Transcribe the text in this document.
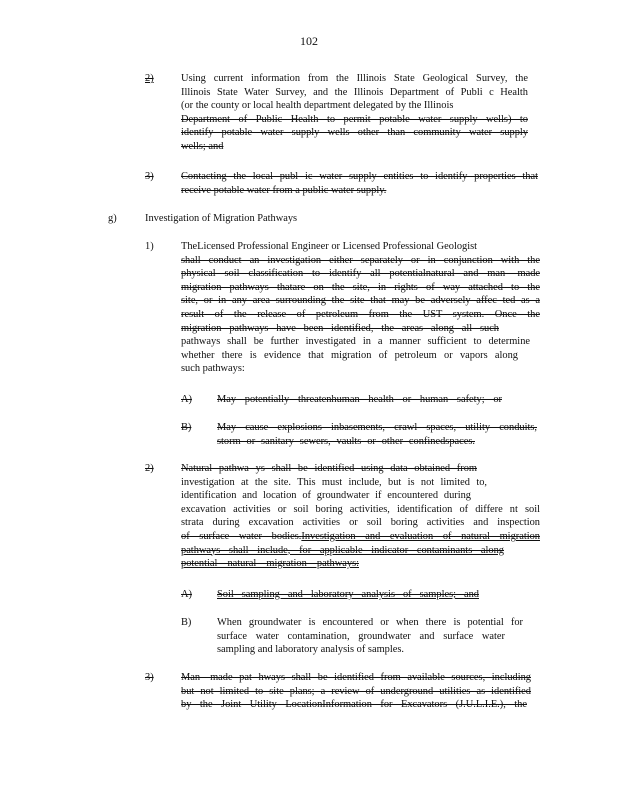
102
2)	Using current information from the Illinois State Geological Survey, the
Illinois State Water Survey, and the Illinois Department of Publi c Health
(or the county or local health department delegated by the Illinois
Department of Public Health to permit potable water supply wells) to
identify potable water supply wells other than community water supply
wells; and
3)	Contacting the local publ ic water supply entities to identify properties that
receive potable water from a public water supply.
g)	Investigation of Migration Pathways
1)	TheLicensed Professional Engineer or Licensed Professional Geologist
shall conduct an investigation either separately or in conjunction with the
physical soil classification to identify all potentialnatural and man- made
migration pathways thatare on the site, in rights of way attached to the
site, or in any area surrounding the site that may be adversely affec ted as a
result of the release of petroleum from the UST system. Once the
migration pathways have been identified, the areas along all such
pathways shall be further investigated in a manner sufficient to determine
whether there is evidence that migration of petroleum or vapors along
such pathways:
A) May potentially threatenhuman health or human safety; or
B) May cause explosions inbasements, crawl spaces, utility conduits,
storm or sanitary sewers, vaults or other confinedspaces.
2)	Natural pathwa ys shall be identified using data obtained from
investigation at the site. This must include, but is not limited to,
identification and location of groundwater if encountered during
excavation activities or soil boring activities, identification of differe nt soil
strata during excavation activities or soil boring activities and inspection
of surface water bodies.Investigation and evaluation of natural migration
pathways shall include, for applicable indicator contaminants along
potential natural migration pathways:
A) Soil sampling and laboratory analysis of samples; and
B) When groundwater is encountered or when there is potential for
surface water contamination, groundwater and surface water
sampling and laboratory analysis of samples.
3)	Man- made pat hways shall be identified from available sources, including
but not limited to site plans; a review of underground utilities as identified
by the Joint Utility LocationInformation for Excavators (J.U.L.I.E.), the
